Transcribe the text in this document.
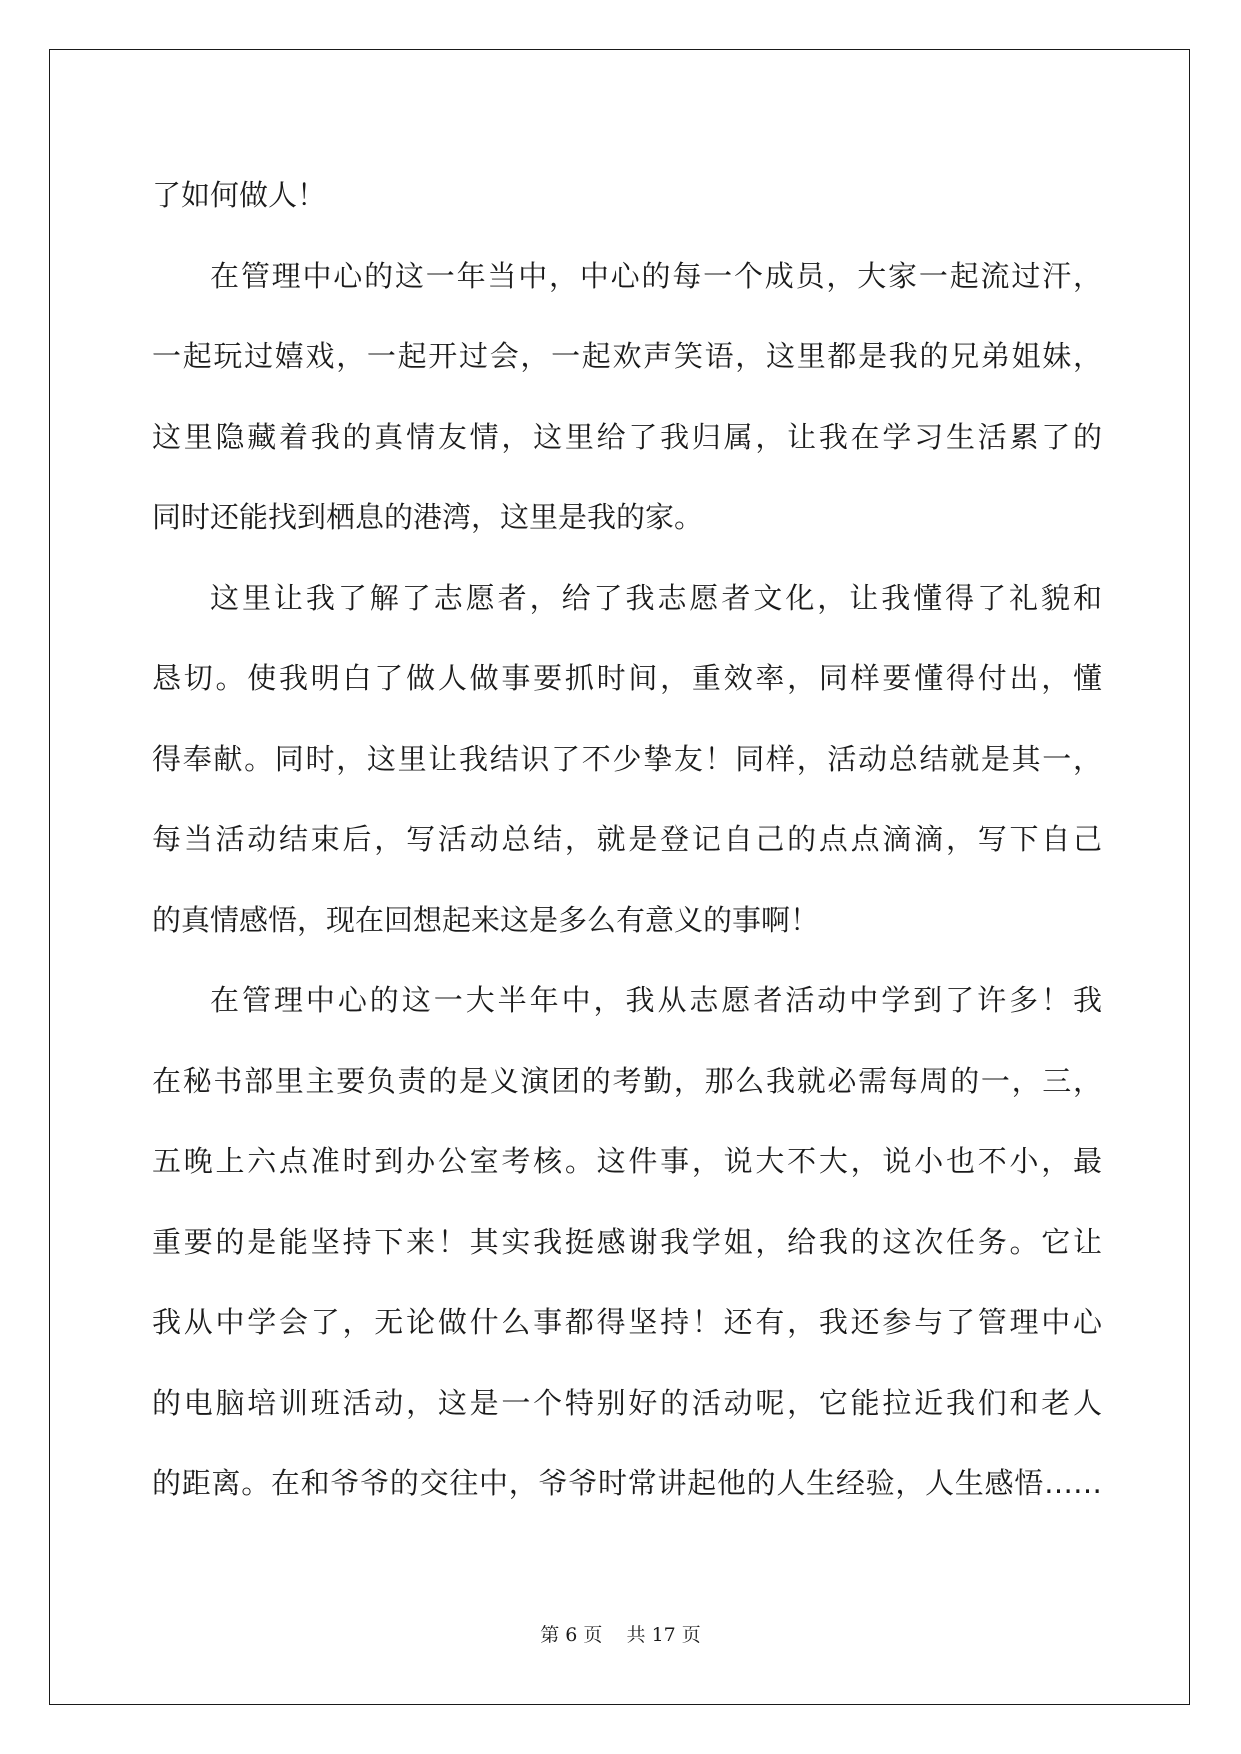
了如何做人！
在管理中心的这一年当中，中心的每一个成员，大家一起流过汗，
一起玩过嬉戏，一起开过会，一起欢声笑语，这里都是我的兄弟姐妹，
这里隐藏着我的真情友情，这里给了我归属，让我在学习生活累了的
同时还能找到栖息的港湾，这里是我的家。
这里让我了解了志愿者，给了我志愿者文化，让我懂得了礼貌和
恳切。使我明白了做人做事要抓时间，重效率，同样要懂得付出，懂
得奉献。同时，这里让我结识了不少挚友！同样，活动总结就是其一，
每当活动结束后，写活动总结，就是登记自己的点点滴滴，写下自己
的真情感悟，现在回想起来这是多么有意义的事啊！
在管理中心的这一大半年中，我从志愿者活动中学到了许多！我
在秘书部里主要负责的是义演团的考勤，那么我就必需每周的一，三，
五晚上六点准时到办公室考核。这件事，说大不大，说小也不小，最
重要的是能坚持下来！其实我挺感谢我学姐，给我的这次任务。它让
我从中学会了，无论做什么事都得坚持！还有，我还参与了管理中心
的电脑培训班活动，这是一个特别好的活动呢，它能拉近我们和老人
的距离。在和爷爷的交往中，爷爷时常讲起他的人生经验，人生感悟……
第 6 页    共 17 页
